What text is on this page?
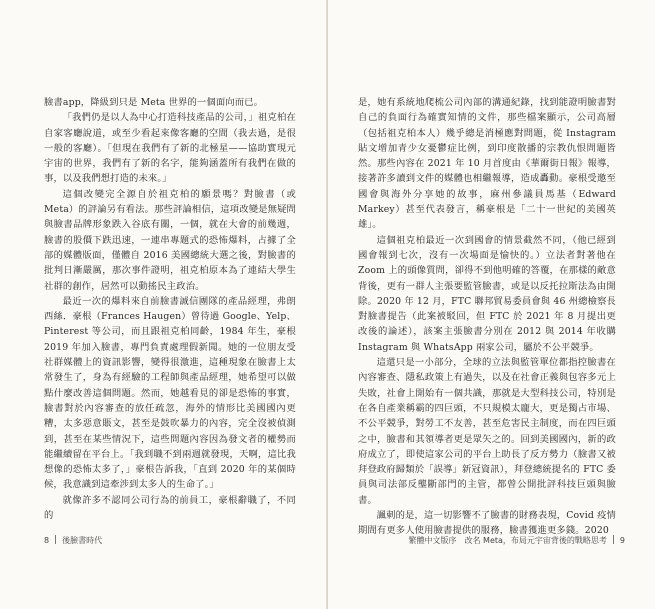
臉書app，降級到只是 Meta 世界的一個面向而已。

「我們仍是以人為中心打造科技產品的公司，」祖克柏在自家客廳說道，或至少看起來像客廳的空間（我去過，是很一般的客廳）。「但現在我們有了新的北極星——協助實現元宇宙的世界，我們有了新的名字，能夠涵蓋所有我們在做的事，以及我們想打造的未來。」

這個改變完全源自於祖克柏的願景嗎？對臉書（或 Meta）的評論另有看法。那些評論相信，這項改變是無疑問與臉書品牌形象跌入谷底有關，一個，就在大會的前幾週，臉書的股價下跌迅速，一連串專題式的恐怖爆料，占據了全部的媒體版面，僅體自 2016 美國總統大選之後，對臉書的批判日漸嚴厲，那次事件證明，祖克柏原本為了連結大學生社群的創作，居然可以動搖民主政治。

最近一次的爆料來自前臉書誠信團隊的產品經理，弗朗西絲．豪根（Frances Haugen）曾待過 Google、Yelp、Pinterest 等公司，而且跟祖克柏同齡，1984 年生，豪根 2019 年加入臉書，專門負責處理假新聞。她的一位朋友受社群媒體上的資訊影響，變得很激進，這種現象在臉書上太常發生了，身為有經驗的工程師與產品經理，她希望可以做點什麼改善這個問題。然而，她越看見的卻是恐怖的事實，臉書對於內容審查的放任疏忽，海外的情形比美國國內更糟，太多惡意賬文，甚至是鼓吹暴力的內容，完全沒被偵測到，甚至在某些情況下，這些問題內容因為發文者的權勢而能繼續留在平台上。「我到職不到兩週就發現，天啊，這比我想像的恐怖太多了，」豪根告訴我，「直到 2020 年的某個時候，我意識到這牽涉到太多人的生命了。」

就像許多不認同公司行為的前員工，豪根辭職了，不同的

8 後臉書時代

是，她有系統地爬梳公司內部的溝通紀錄，找到能證明臉書對自己的負面行為確實知情的文件，那些檔案顯示，公司高層（包括祖克柏本人）幾乎總是消極應對問題，從 Instagram 貼文增加青少女憂鬱症比例，到印度散播的宗教仇恨問題皆然。那些內容在 2021 年 10 月首度由《華爾街日報》報導，接著許多讀到文件的媒體也相繼報導，造成轟動。豪根受邀至國會與海外分享她的故事，麻州參議員馬基（Edward Markey）甚至代表發言，稱豪根是「二十一世紀的美國英雄」。

這個祖克柏最近一次到國會的情景截然不同，（他已經到國會報到七次，沒有一次場面是愉快的。）立法者對著他在 Zoom 上的頭像質問，卻得不到他明確的答覆，在那樣的敵意背後，更有一群人主張要監管臉書，或是以反托拉斯法為由開除。2020 年 12 月，FTC 聯邦貿易委員會與 46 州總檢察長對臉書提告（此案被駁回，但 FTC 於 2021 年 8 月提出更改後的論述），該案主張臉書分別在 2012 與 2014 年收購 Instagram 與 WhatsApp 兩家公司，屬於不公平競爭。

這還只是一小部分，全球的立法與監管單位都指控臉書在內容審查、隱私政策上有過失，以及在社會正義與包容多元上失敗，社會上開始有一個共識，那就是大型科技公司，特別是在各自產業稱霸的四巨頭，不只規模太龐大，更是獨占市場、不公平競爭，對勞工不友善，甚至危害民主制度，而在四巨頭之中，臉書和其領導者更是眾矢之的。回到美國國內，新的政府成立了，即使這家公司的平台上助長了反方勢力（臉書又被拜登政府歸類於「誤導」新冠資訊），拜登總統提名的 FTC 委員與司法部反壟斷部門的主管，都曾公開批評科技巨頭與臉書。

諷刺的是，這一切影響不了臉書的財務表現，Covid 疫情期間有更多人使用臉書提供的服務，臉書獲進更多錢。2020

繁體中文版序　改名 Meta，布局元宇宙背後的戰略思考 9
